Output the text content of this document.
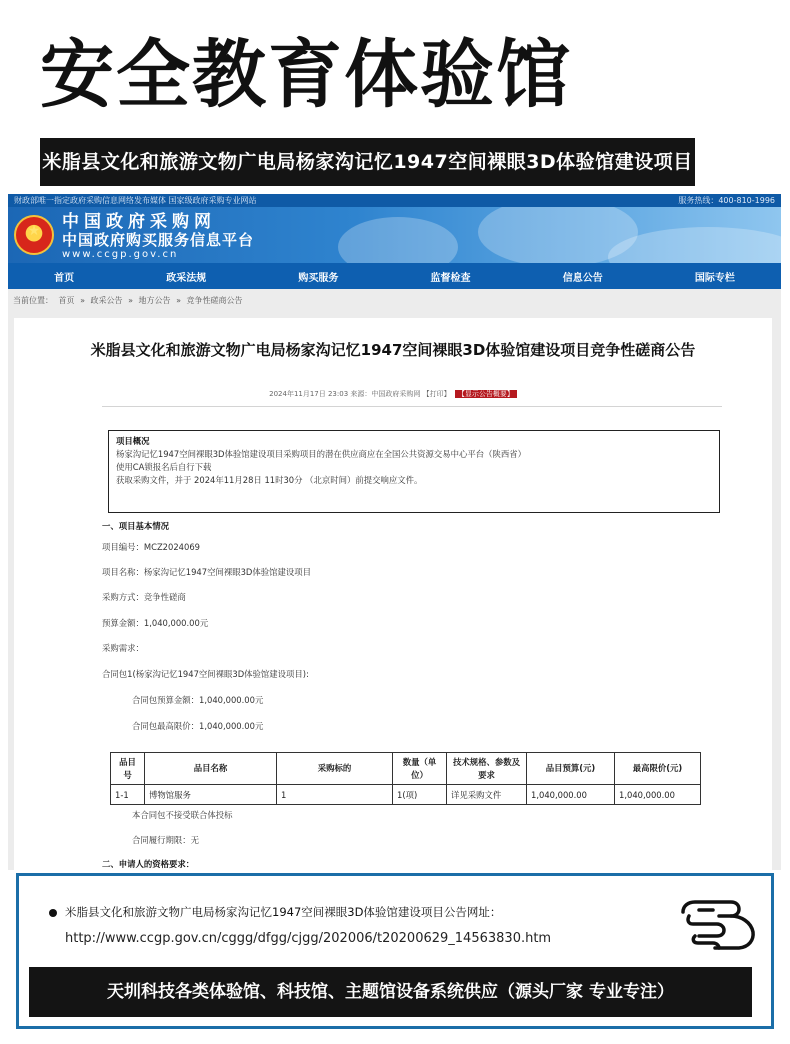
安全教育体验馆
米脂县文化和旅游文物广电局杨家沟记忆1947空间裸眼3D体验馆建设项目
财政部唯一指定政府采购信息网络发布媒体 国家级政府采购专业网站	服务热线：400-810-1996
★
中国政府采购网
中国政府购买服务信息平台
www.ccgp.gov.cn
首页	政采法规	购买服务	监督检查	信息公告	国际专栏
当前位置： 首页 » 政采公告 » 地方公告 » 竞争性磋商公告
米脂县文化和旅游文物广电局杨家沟记忆1947空间裸眼3D体验馆建设项目竞争性磋商公告
2024年11月17日 23:03 来源：中国政府采购网 【打印】 【显示公告概要】
项目概况
杨家沟记忆1947空间裸眼3D体验馆建设项目采购项目的潜在供应商应在全国公共资源交易中心平台（陕西省）
使用CA锁报名后自行下载
获取采购文件，并于 2024年11月28日 11时30分 （北京时间）前提交响应文件。
一、项目基本情况
项目编号：MCZ2024069
项目名称：杨家沟记忆1947空间裸眼3D体验馆建设项目
采购方式：竞争性磋商
预算金额：1,040,000.00元
采购需求：
合同包1(杨家沟记忆1947空间裸眼3D体验馆建设项目):
合同包预算金额：1,040,000.00元
合同包最高限价：1,040,000.00元
品目号	品目名称	采购标的	数量（单位）	技术规格、参数及要求	品目预算(元)	最高限价(元)
1-1	博物馆服务	1	1(项)	详见采购文件	1,040,000.00	1,040,000.00
本合同包不接受联合体投标
合同履行期限：无
二、申请人的资格要求：
米脂县文化和旅游文物广电局杨家沟记忆1947空间裸眼3D体验馆建设项目公告网址：
http://www.ccgp.gov.cn/cggg/dfgg/cjgg/202006/t20200629_14563830.htm
天圳科技各类体验馆、科技馆、主题馆设备系统供应（源头厂家 专业专注）
